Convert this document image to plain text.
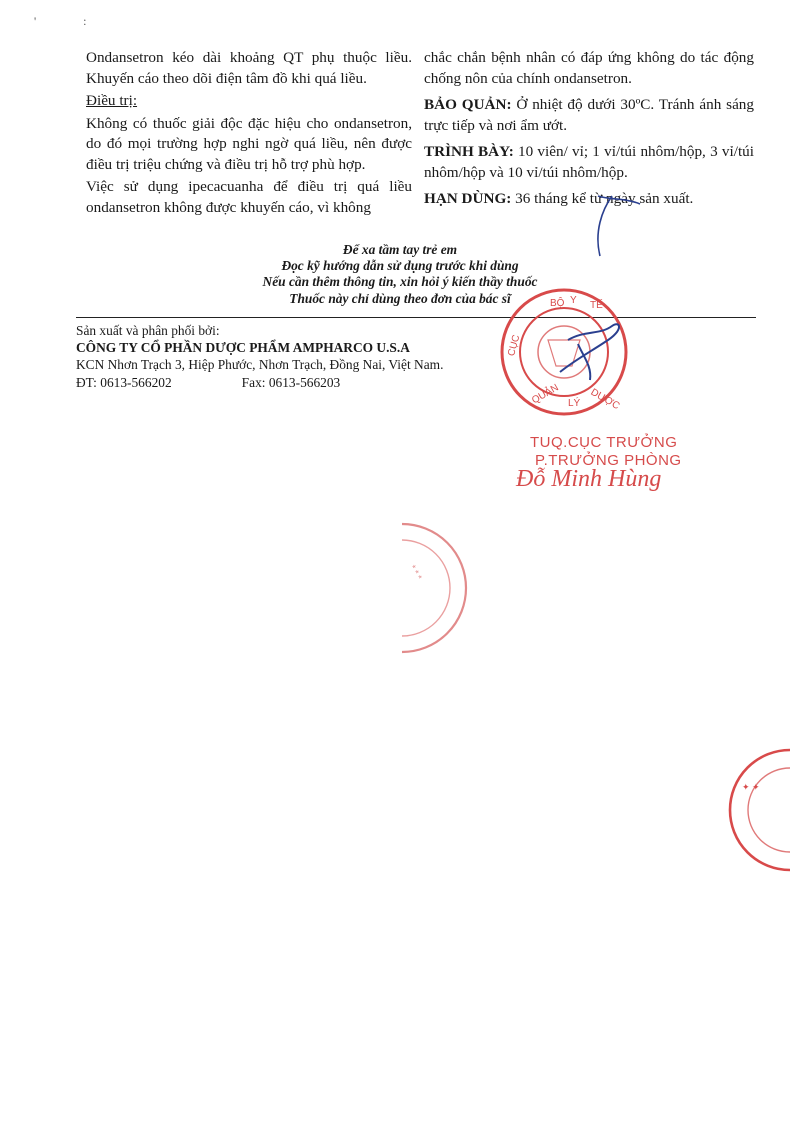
' :

Ondansetron kéo dài khoảng QT phụ thuộc liều. Khuyến cáo theo dõi điện tâm đồ khi quá liều.

Điều trị:

Không có thuốc giải độc đặc hiệu cho ondansetron, do đó mọi trường hợp nghi ngờ quá liều, nên được điều trị triệu chứng và điều trị hỗ trợ phù hợp.

Việc sử dụng ipecacuanha để điều trị quá liều ondansetron không được khuyến cáo, vì không

chắc chắn bệnh nhân có đáp ứng không do tác động chống nôn của chính ondansetron.

BẢO QUẢN: Ở nhiệt độ dưới 30ºC. Tránh ánh sáng trực tiếp và nơi ẩm ướt.

TRÌNH BÀY: 10 viên/ vỉ; 1 vỉ/túi nhôm/hộp, 3 vỉ/túi nhôm/hộp và 10 vỉ/túi nhôm/hộp.

HẠN DÙNG: 36 tháng kể từ ngày sản xuất.

Để xa tầm tay trẻ em
Đọc kỹ hướng dẫn sử dụng trước khi dùng
Nếu cần thêm thông tin, xin hỏi ý kiến thầy thuốc
Thuốc này chỉ dùng theo đơn của bác sĩ
Sản xuất và phân phối bởi:
CÔNG TY CỔ PHẦN DƯỢC PHẨM AMPHARCO U.S.A
KCN Nhơn Trạch 3, Hiệp Phước, Nhơn Trạch, Đồng Nai, Việt Nam.
ĐT: 0613-566202	Fax: 0613-566203
BỘ Y TẾ
CỤC
QUẢN LÝ DƯỢC
* * *
✦ ✦
TUQ.CỤC TRƯỞNG
P.TRƯỞNG PHÒNG
Đỗ Minh Hùng
